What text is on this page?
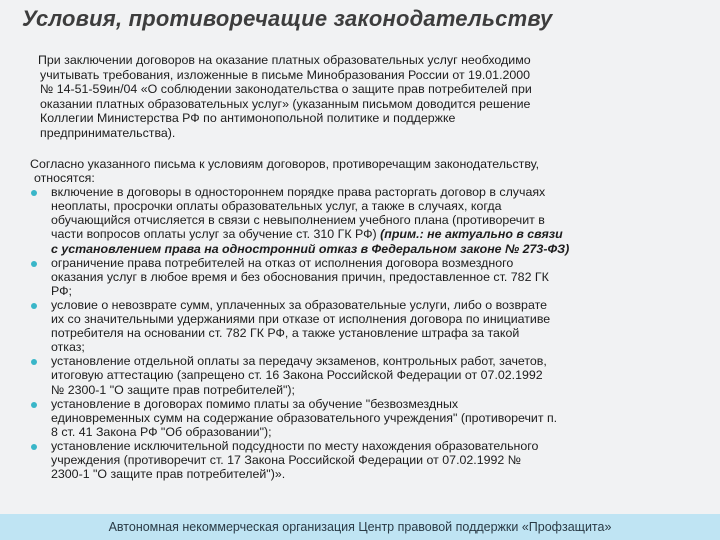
Условия, противоречащие законодательству
При заключении договоров на оказание платных образовательных услуг необходимо
учитывать требования, изложенные в письме Минобразования России от 19.01.2000
№ 14-51-59ин/04 «О соблюдении законодательства о защите прав потребителей при
оказании платных образовательных услуг» (указанным письмом доводится решение
Коллегии Министерства РФ по антимонопольной политике и поддержке
предпринимательства).
Согласно указанного письма к условиям договоров, противоречащим законодательству,
относятся:
включение в договоры в одностороннем порядке права расторгать договор в случаях
неоплаты, просрочки оплаты образовательных услуг, а также в случаях, когда
обучающийся отчисляется в связи с невыполнением учебного плана (противоречит в
части вопросов оплаты услуг за обучение ст. 310 ГК РФ) (прим.: не актуально в связи
с установлением права на одностронний отказ в Федеральном законе № 273-ФЗ)
ограничение права потребителей на отказ от исполнения договора возмездного
оказания услуг в любое время и без обоснования причин, предоставленное ст. 782 ГК
РФ;
условие о невозврате сумм, уплаченных за образовательные услуги, либо о возврате
их со значительными удержаниями при отказе от исполнения договора по инициативе
потребителя на основании ст. 782 ГК РФ, а также установление штрафа за такой
отказ;
установление отдельной оплаты за передачу экзаменов, контрольных работ, зачетов,
итоговую аттестацию (запрещено ст. 16 Закона Российской Федерации от 07.02.1992
№ 2300-1 "О защите прав потребителей");
установление в договорах помимо платы за обучение "безвозмездных
единовременных сумм на содержание образовательного учреждения" (противоречит п.
8 ст. 41 Закона РФ "Об образовании");
установление исключительной подсудности по месту нахождения образовательного
учреждения (противоречит ст. 17 Закона Российской Федерации от 07.02.1992 №
2300-1 "О защите прав потребителей")».
Автономная некоммерческая организация Центр правовой поддержки «Профзащита»
